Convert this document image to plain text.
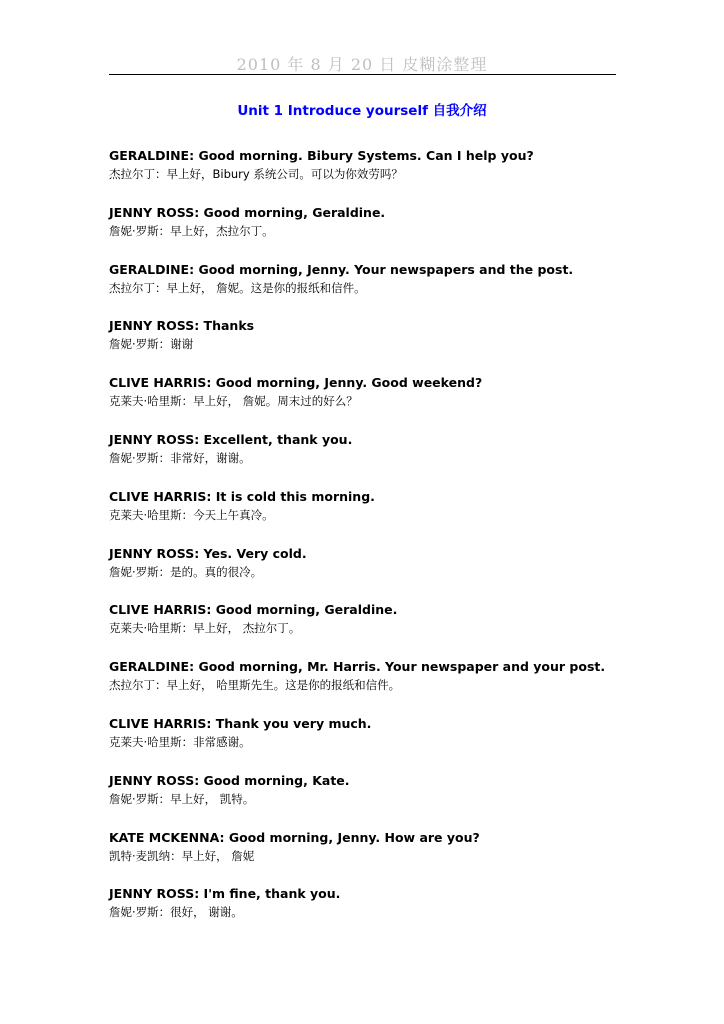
2010 年 8 月 20 日 皮糊涂整理
Unit 1 Introduce yourself 自我介绍
GERALDINE: Good morning. Bibury Systems. Can I help you?
杰拉尔丁：早上好，Bibury 系统公司。可以为你效劳吗？
JENNY ROSS: Good morning, Geraldine.
詹妮·罗斯：早上好，杰拉尔丁。
GERALDINE: Good morning, Jenny. Your newspapers and the post.
杰拉尔丁：早上好， 詹妮。这是你的报纸和信件。
JENNY ROSS: Thanks
詹妮·罗斯：谢谢
CLIVE HARRIS: Good morning, Jenny. Good weekend?
克莱夫·哈里斯：早上好， 詹妮。周末过的好么？
JENNY ROSS: Excellent, thank you.
詹妮·罗斯：非常好，谢谢。
CLIVE HARRIS: It is cold this morning.
克莱夫·哈里斯：今天上午真冷。
JENNY ROSS: Yes. Very cold.
詹妮·罗斯：是的。真的很冷。
CLIVE HARRIS: Good morning, Geraldine.
克莱夫·哈里斯：早上好， 杰拉尔丁。
GERALDINE: Good morning, Mr. Harris. Your newspaper and your post.
杰拉尔丁：早上好， 哈里斯先生。这是你的报纸和信件。
CLIVE HARRIS: Thank you very much.
克莱夫·哈里斯：非常感谢。
JENNY ROSS: Good morning, Kate.
詹妮·罗斯：早上好， 凯特。
KATE MCKENNA: Good morning, Jenny. How are you?
凯特·麦凯纳：早上好， 詹妮
JENNY ROSS: I'm fine, thank you.
詹妮·罗斯：很好， 谢谢。
